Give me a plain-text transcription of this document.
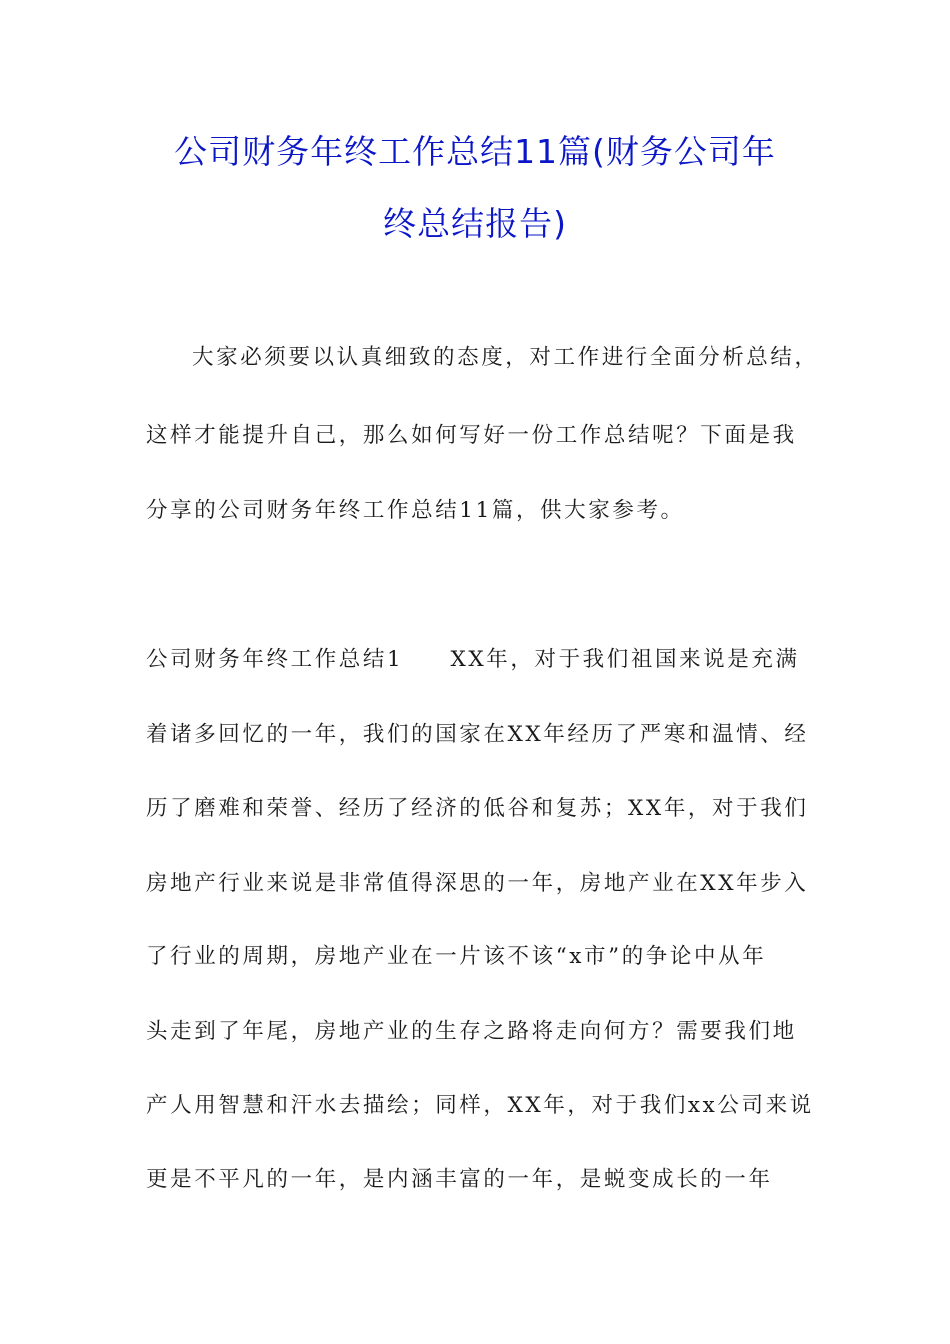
公司财务年终工作总结11篇(财务公司年
终总结报告)
大家必须要以认真细致的态度，对工作进行全面分析总结，
这样才能提升自己，那么如何写好一份工作总结呢？下面是我
分享的公司财务年终工作总结11篇，供大家参考。
公司财务年终工作总结1     XX年，对于我们祖国来说是充满
着诸多回忆的一年，我们的国家在XX年经历了严寒和温情、经
历了磨难和荣誉、经历了经济的低谷和复苏；XX年，对于我们
房地产行业来说是非常值得深思的一年，房地产业在XX年步入
了行业的周期，房地产业在一片该不该“x市”的争论中从年
头走到了年尾，房地产业的生存之路将走向何方？需要我们地
产人用智慧和汗水去描绘；同样，XX年，对于我们xx公司来说
更是不平凡的一年，是内涵丰富的一年，是蜕变成长的一年
